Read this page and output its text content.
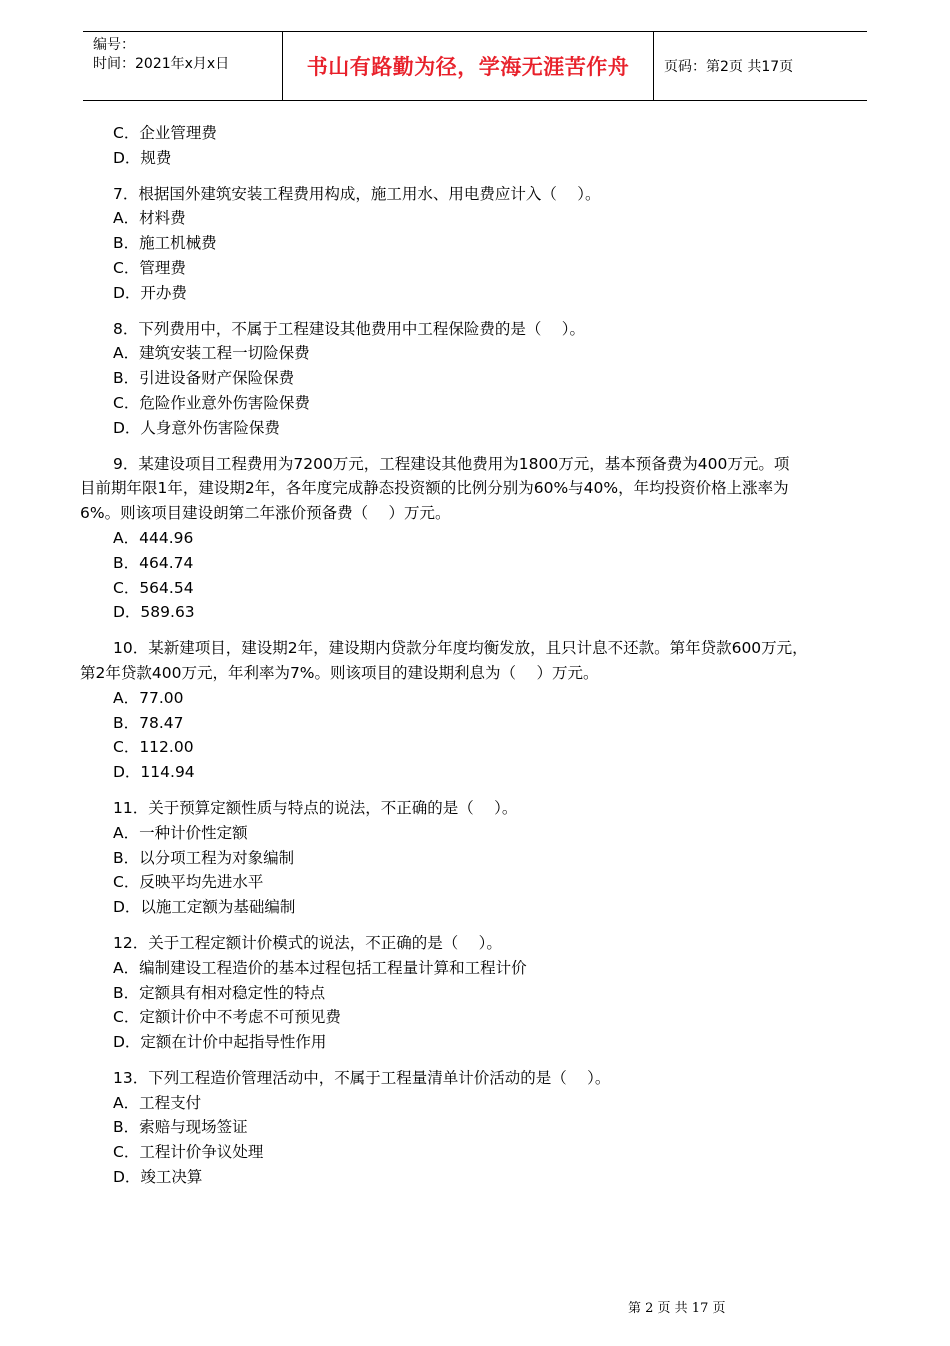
编号：
时间：2021年x月x日	书山有路勤为径，学海无涯苦作舟	页码：第2页 共17页
C．企业管理费
D．规费
7．根据国外建筑安装工程费用构成，施工用水、用电费应计入（　 ）。
A．材料费
B．施工机械费
C．管理费
D．开办费
8．下列费用中，不属于工程建设其他费用中工程保险费的是（　 ）。
A．建筑安装工程一切险保费
B．引进设备财产保险保费
C．危险作业意外伤害险保费
D．人身意外伤害险保费
9．某建设项目工程费用为7200万元，工程建设其他费用为1800万元，基本预备费为400万元。项
目前期年限1年，建设期2年，各年度完成静态投资额的比例分别为60%与40%，年均投资价格上涨率为
6%。则该项目建设朗第二年涨价预备费（　 ）万元。
A．444.96
B．464.74
C．564.54
D．589.63
10．某新建项目，建设期2年，建设期内贷款分年度均衡发放，且只计息不还款。第年贷款600万元，
第2年贷款400万元，年利率为7%。则该项目的建设期利息为（　 ）万元。
A．77.00
B．78.47
C．112.00
D．114.94
11．关于预算定额性质与特点的说法，不正确的是（　 ）。
A．一种计价性定额
B．以分项工程为对象编制
C．反映平均先进水平
D．以施工定额为基础编制
12．关于工程定额计价模式的说法，不正确的是（　 ）。
A．编制建设工程造价的基本过程包括工程量计算和工程计价
B．定额具有相对稳定性的特点
C．定额计价中不考虑不可预见费
D．定额在计价中起指导性作用
13．下列工程造价管理活动中，不属于工程量清单计价活动的是（　 ）。
A．工程支付
B．索赔与现场签证
C．工程计价争议处理
D．竣工决算
第 2 页 共 17 页
